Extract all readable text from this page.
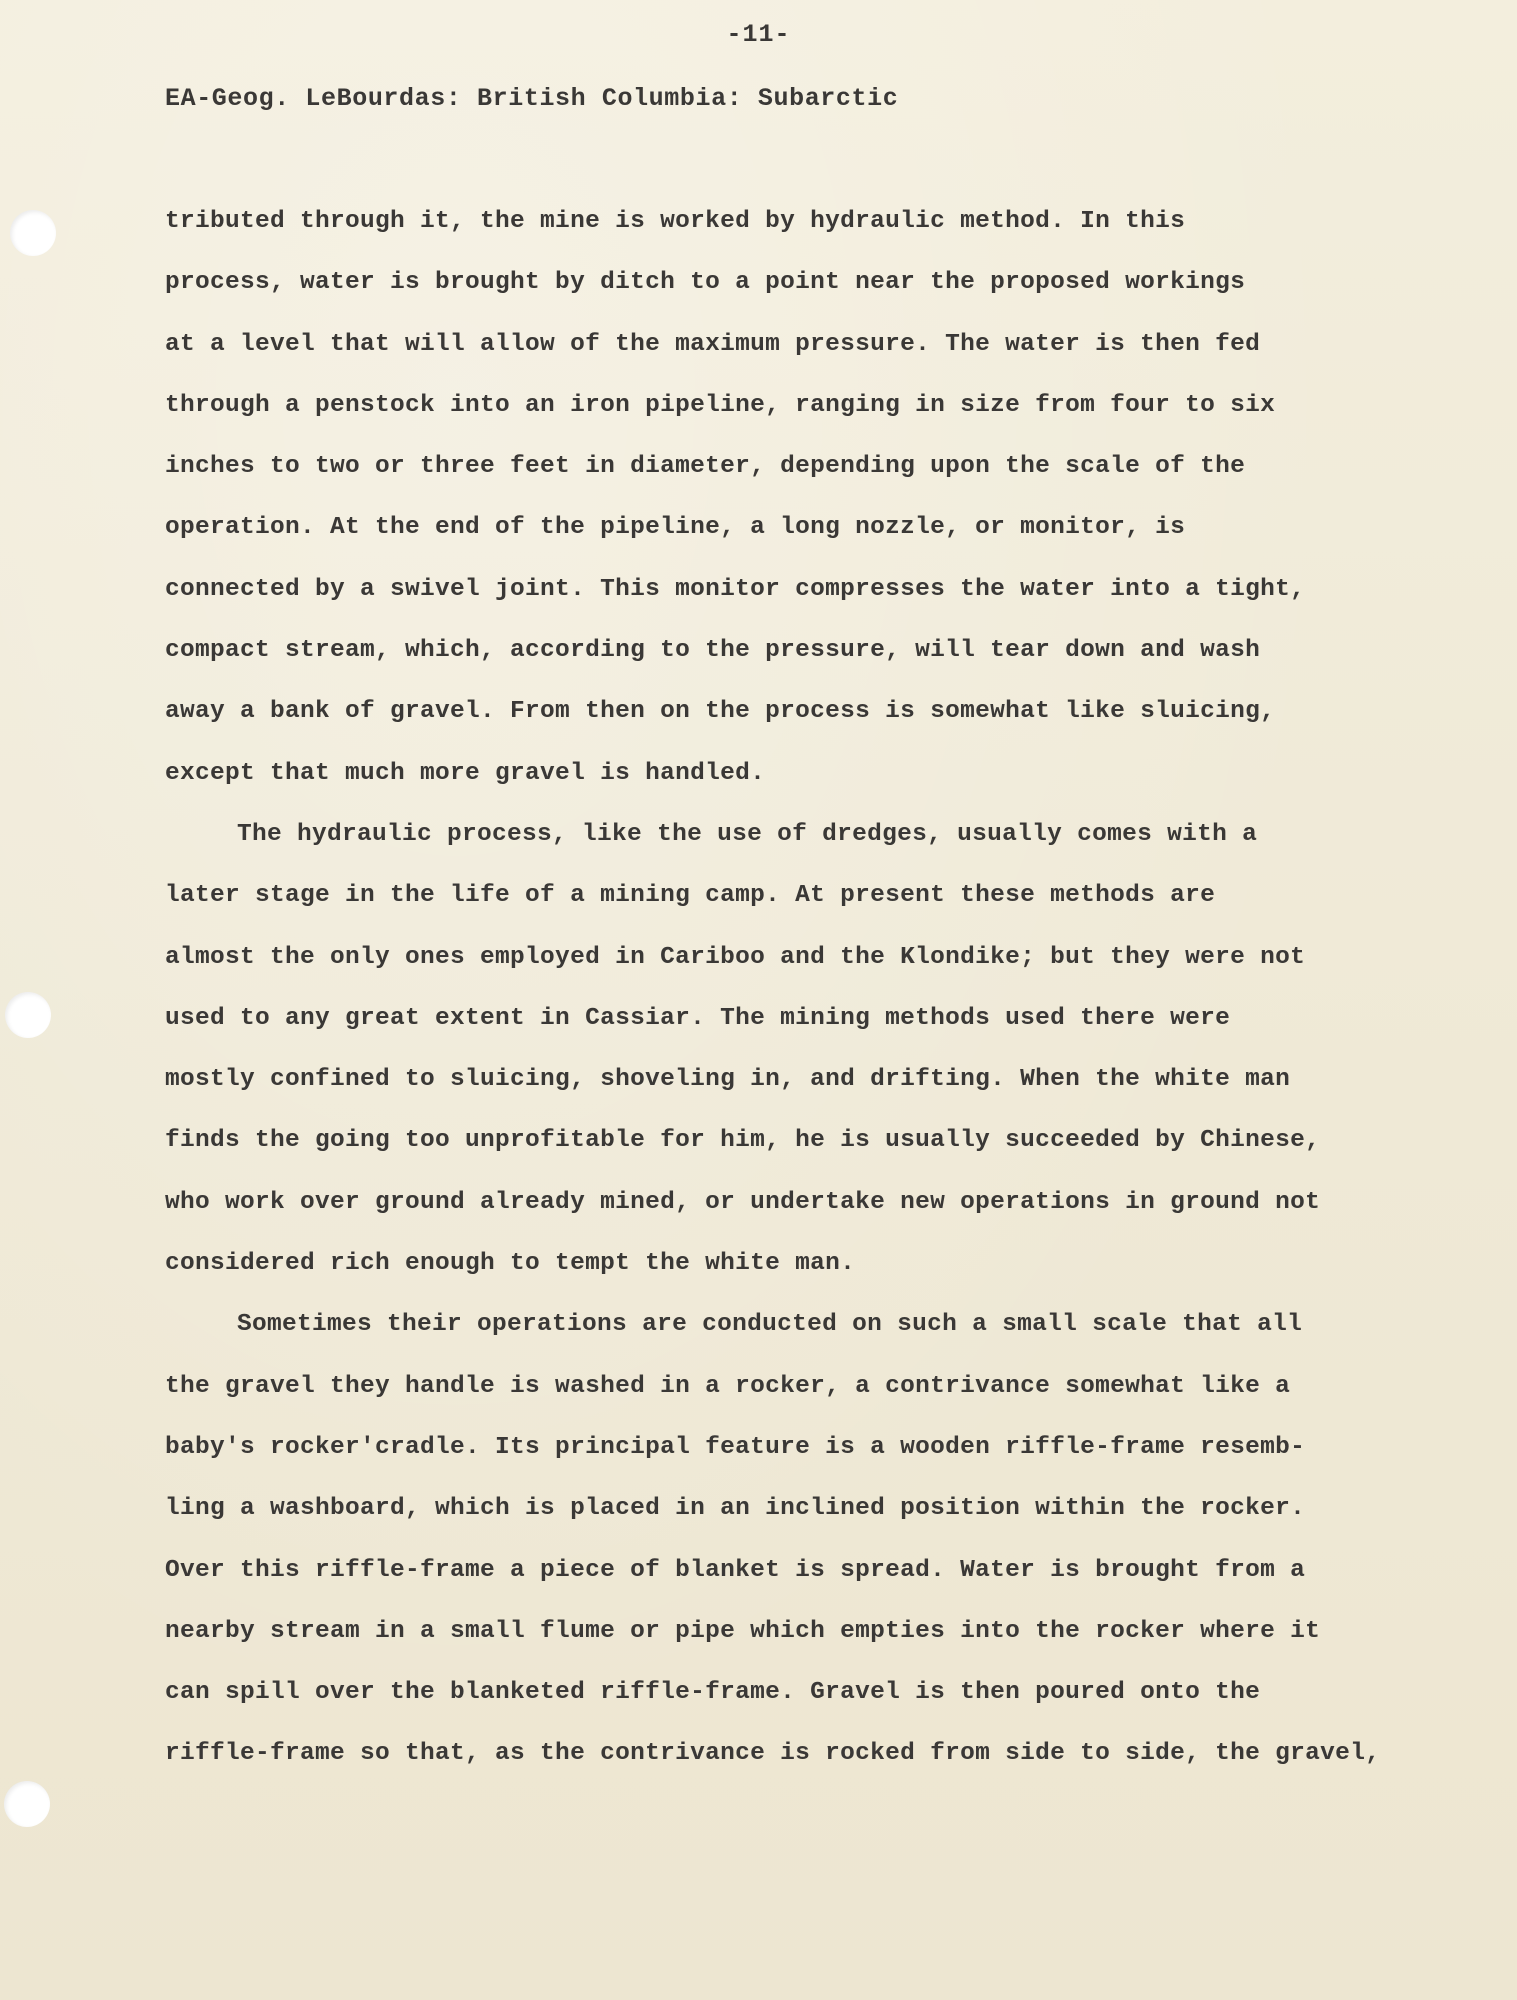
-11-
EA-Geog. LeBourdas: British Columbia: Subarctic
tributed through it, the mine is worked by hydraulic method. In this
process, water is brought by ditch to a point near the proposed workings
at a level that will allow of the maximum pressure. The water is then fed
through a penstock into an iron pipeline, ranging in size from four to six
inches to two or three feet in diameter, depending upon the scale of the
operation. At the end of the pipeline, a long nozzle, or monitor, is
connected by a swivel joint. This monitor compresses the water into a tight,
compact stream, which, according to the pressure, will tear down and wash
away a bank of gravel. From then on the process is somewhat like sluicing,
except that much more gravel is handled.
The hydraulic process, like the use of dredges, usually comes with a
later stage in the life of a mining camp. At present these methods are
almost the only ones employed in Cariboo and the Klondike; but they were not
used to any great extent in Cassiar. The mining methods used there were
mostly confined to sluicing, shoveling in, and drifting. When the white man
finds the going too unprofitable for him, he is usually succeeded by Chinese,
who work over ground already mined, or undertake new operations in ground not
considered rich enough to tempt the white man.
Sometimes their operations are conducted on such a small scale that all
the gravel they handle is washed in a rocker, a contrivance somewhat like a
baby's rocker'cradle. Its principal feature is a wooden riffle-frame resemb-
ling a washboard, which is placed in an inclined position within the rocker.
Over this riffle-frame a piece of blanket is spread. Water is brought from a
nearby stream in a small flume or pipe which empties into the rocker where it
can spill over the blanketed riffle-frame. Gravel is then poured onto the
riffle-frame so that, as the contrivance is rocked from side to side, the gravel,
